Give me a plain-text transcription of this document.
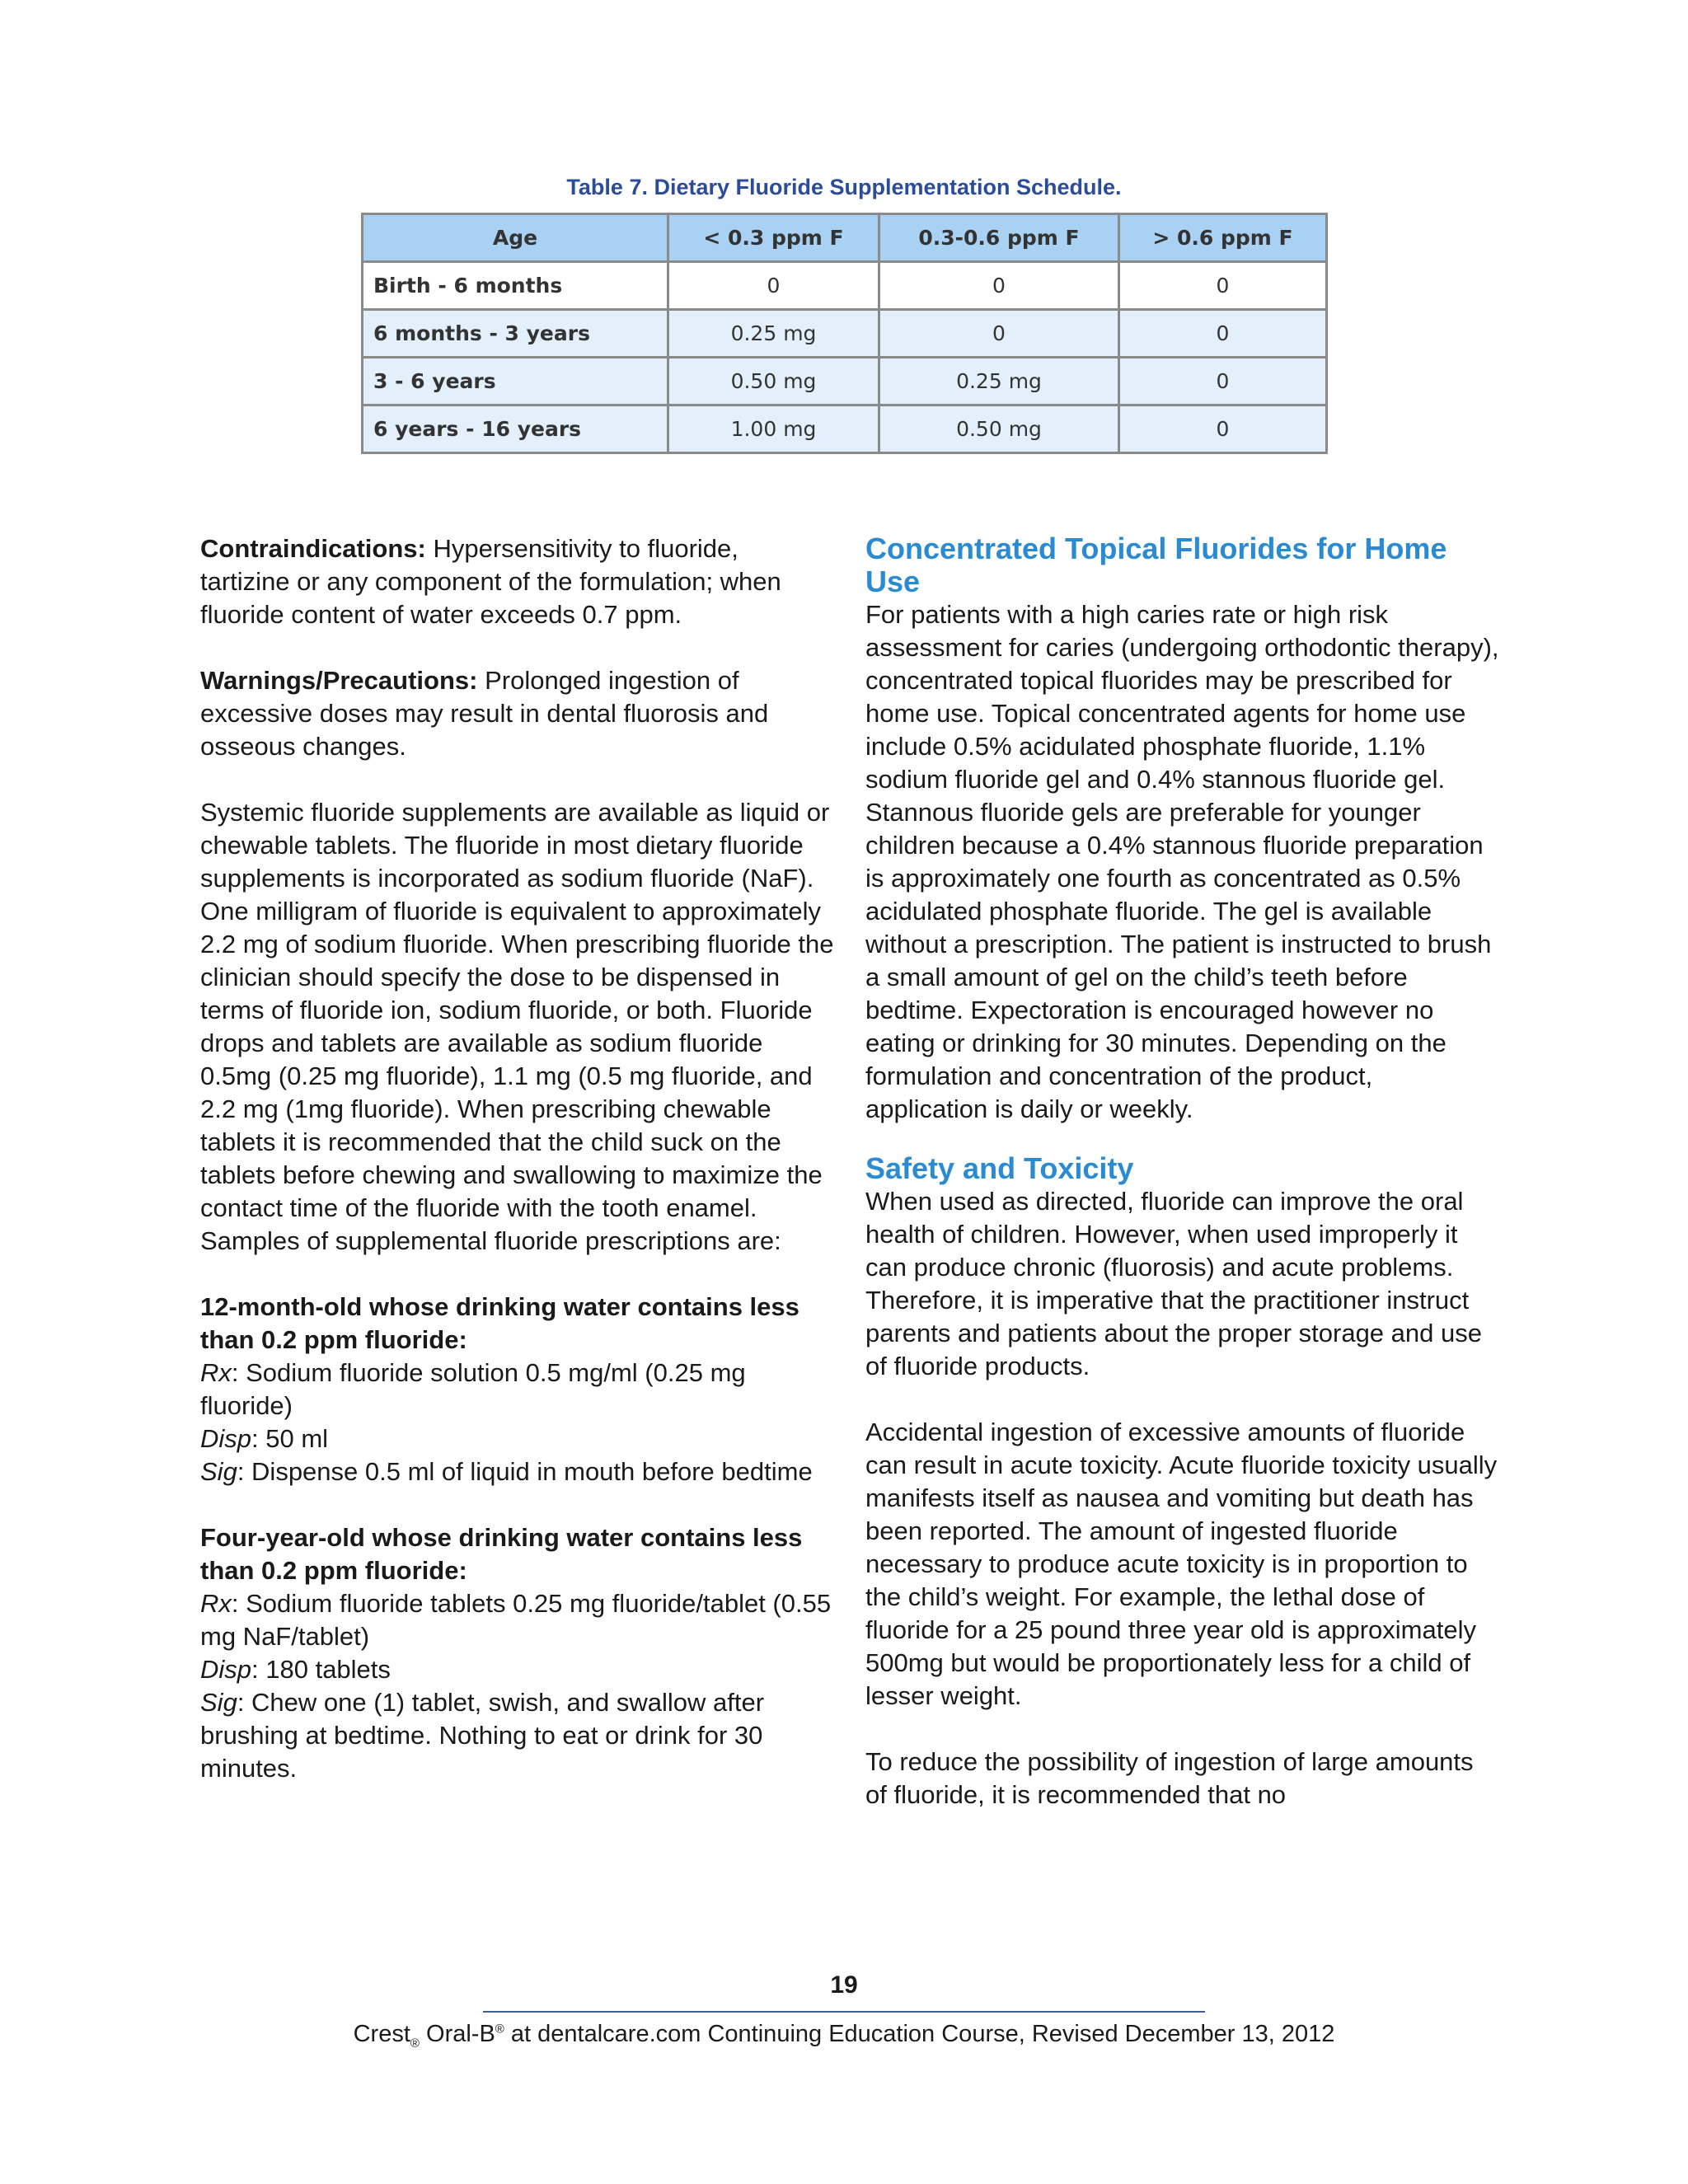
Table 7. Dietary Fluoride Supplementation Schedule.
Age	< 0.3 ppm F	0.3-0.6 ppm F	> 0.6 ppm F
Birth - 6 months	0	0	0
6 months - 3 years	0.25 mg	0	0
3 - 6 years	0.50 mg	0.25 mg	0
6 years - 16 years	1.00 mg	0.50 mg	0

Contraindications: Hypersensitivity to fluoride, tartizine or any component of the formulation; when fluoride content of water exceeds 0.7 ppm.

Warnings/Precautions: Prolonged ingestion of excessive doses may result in dental fluorosis and osseous changes.

Systemic fluoride supplements are available as liquid or chewable tablets. The fluoride in most dietary fluoride supplements is incorporated as sodium fluoride (NaF). One milligram of fluoride is equivalent to approximately 2.2 mg of sodium fluoride. When prescribing fluoride the clinician should specify the dose to be dispensed in terms of fluoride ion, sodium fluoride, or both. Fluoride drops and tablets are available as sodium fluoride 0.5mg (0.25 mg fluoride), 1.1 mg (0.5 mg fluoride, and 2.2 mg (1mg fluoride). When prescribing chewable tablets it is recommended that the child suck on the tablets before chewing and swallowing to maximize the contact time of the fluoride with the tooth enamel. Samples of supplemental fluoride prescriptions are:

12-month-old whose drinking water contains less than 0.2 ppm fluoride:

Rx: Sodium fluoride solution 0.5 mg/ml (0.25 mg fluoride)

Disp: 50 ml

Sig: Dispense 0.5 ml of liquid in mouth before bedtime

Four-year-old whose drinking water contains less than 0.2 ppm fluoride:

Rx: Sodium fluoride tablets 0.25 mg fluoride/tablet (0.55 mg NaF/tablet)

Disp: 180 tablets

Sig: Chew one (1) tablet, swish, and swallow after brushing at bedtime. Nothing to eat or drink for 30 minutes.

Concentrated Topical Fluorides for Home Use

For patients with a high caries rate or high risk assessment for caries (undergoing orthodontic therapy), concentrated topical fluorides may be prescribed for home use. Topical concentrated agents for home use include 0.5% acidulated phosphate fluoride, 1.1% sodium fluoride gel and 0.4% stannous fluoride gel. Stannous fluoride gels are preferable for younger children because a 0.4% stannous fluoride preparation is approximately one fourth as concentrated as 0.5% acidulated phosphate fluoride. The gel is available without a prescription. The patient is instructed to brush a small amount of gel on the child’s teeth before bedtime. Expectoration is encouraged however no eating or drinking for 30 minutes. Depending on the formulation and concentration of the product, application is daily or weekly.

Safety and Toxicity

When used as directed, fluoride can improve the oral health of children. However, when used improperly it can produce chronic (fluorosis) and acute problems. Therefore, it is imperative that the practitioner instruct parents and patients about the proper storage and use of fluoride products.

Accidental ingestion of excessive amounts of fluoride can result in acute toxicity. Acute fluoride toxicity usually manifests itself as nausea and vomiting but death has been reported. The amount of ingested fluoride necessary to produce acute toxicity is in proportion to the child’s weight. For example, the lethal dose of fluoride for a 25 pound three year old is approximately 500mg but would be proportionately less for a child of lesser weight.

To reduce the possibility of ingestion of large amounts of fluoride, it is recommended that no

19
Crest$_®$ Oral-B® at dentalcare.com Continuing Education Course, Revised December 13, 2012
